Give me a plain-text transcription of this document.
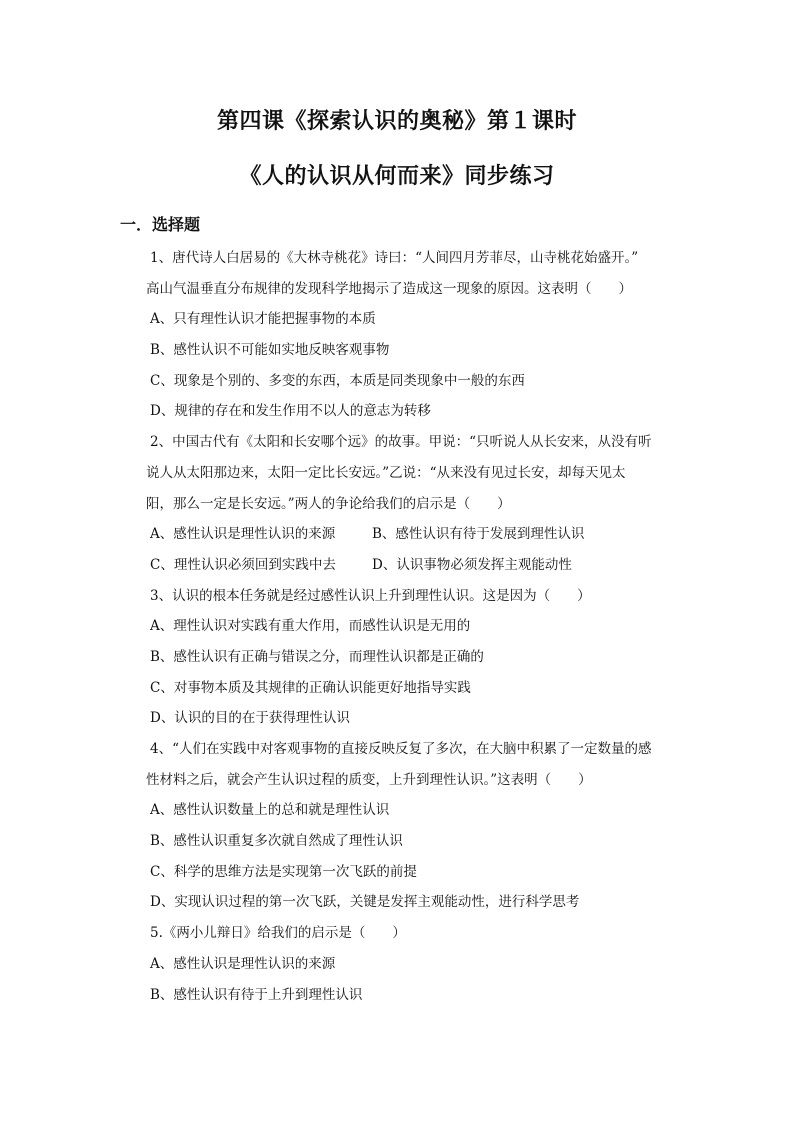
第四课《探索认识的奥秘》第１课时
《人的认识从何而来》同步练习
一．选择题
1、唐代诗人白居易的《大林寺桃花》诗曰：“人间四月芳菲尽，山寺桃花始盛开。”
高山气温垂直分布规律的发现科学地揭示了造成这一现象的原因。这表明（　　）
A、只有理性认识才能把握事物的本质
B、感性认识不可能如实地反映客观事物
C、现象是个别的、多变的东西，本质是同类现象中一般的东西
D、规律的存在和发生作用不以人的意志为转移
2、中国古代有《太阳和长安哪个远》的故事。甲说：“只听说人从长安来，从没有听
说人从太阳那边来，太阳一定比长安远。”乙说：“从来没有见过长安，却每天见太
阳，那么一定是长安远。”两人的争论给我们的启示是（　　）
A、感性认识是理性认识的来源	B、感性认识有待于发展到理性认识
C、理性认识必须回到实践中去	D、认识事物必须发挥主观能动性
3、认识的根本任务就是经过感性认识上升到理性认识。这是因为（　　）
A、理性认识对实践有重大作用，而感性认识是无用的
B、感性认识有正确与错误之分，而理性认识都是正确的
C、对事物本质及其规律的正确认识能更好地指导实践
D、认识的目的在于获得理性认识
4、“人们在实践中对客观事物的直接反映反复了多次，在大脑中积累了一定数量的感
性材料之后，就会产生认识过程的质变，上升到理性认识。”这表明（　　）
A、感性认识数量上的总和就是理性认识
B、感性认识重复多次就自然成了理性认识
C、科学的思维方法是实现第一次飞跃的前提
D、实现认识过程的第一次飞跃，关键是发挥主观能动性，进行科学思考
5.《两小儿辩日》给我们的启示是（　　）
A、感性认识是理性认识的来源
B、感性认识有待于上升到理性认识
